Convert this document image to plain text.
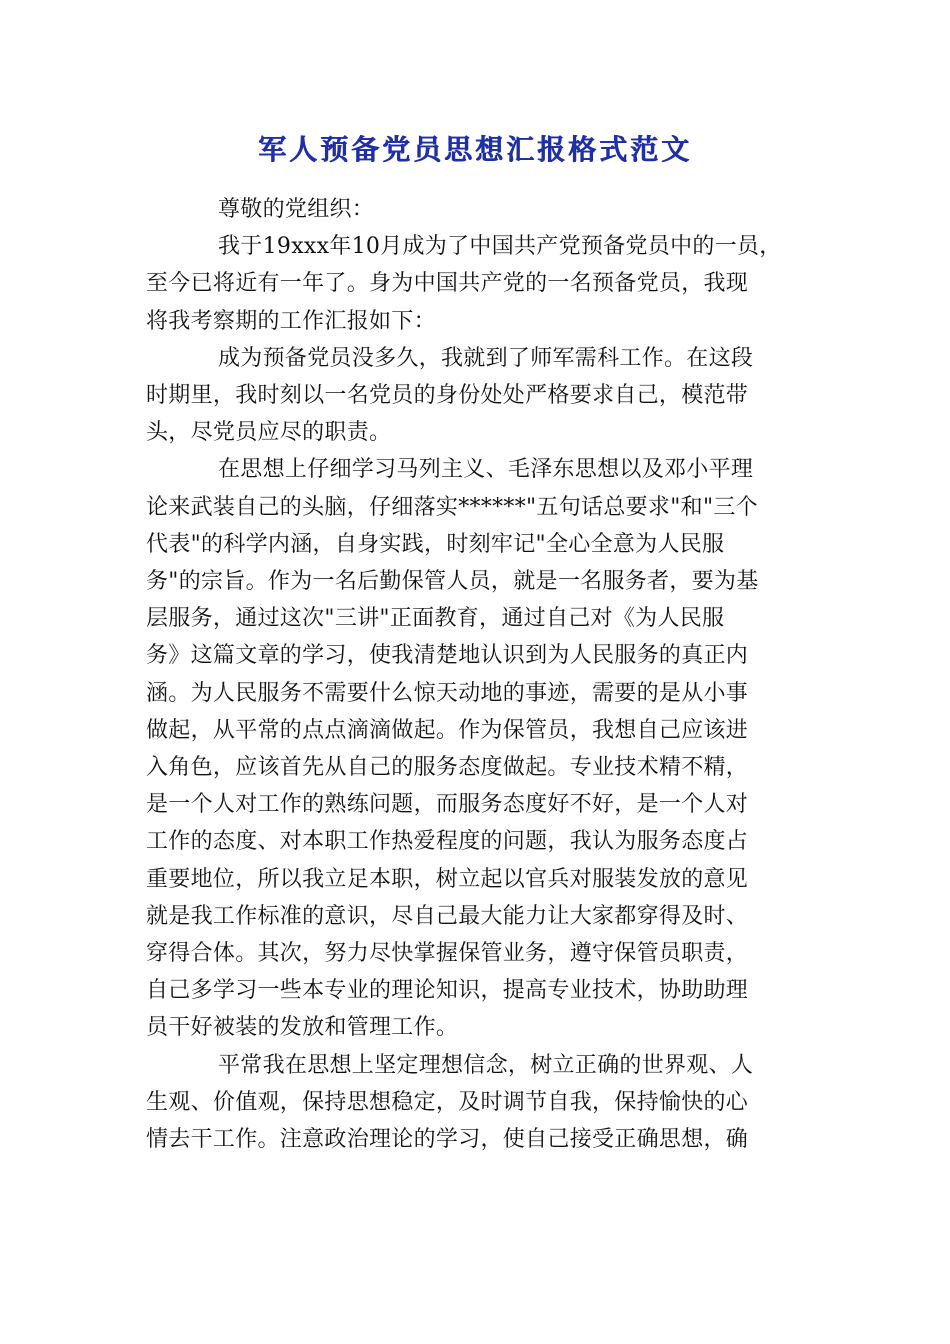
军人预备党员思想汇报格式范文
尊敬的党组织：
我于19xxx年10月成为了中国共产党预备党员中的一员，
至今已将近有一年了。身为中国共产党的一名预备党员，我现
将我考察期的工作汇报如下：
成为预备党员没多久，我就到了师军需科工作。在这段
时期里，我时刻以一名党员的身份处处严格要求自己，模范带
头，尽党员应尽的职责。
在思想上仔细学习马列主义、毛泽东思想以及邓小平理
论来武装自己的头脑，仔细落实******"五句话总要求"和"三个
代表"的科学内涵，自身实践，时刻牢记"全心全意为人民服
务"的宗旨。作为一名后勤保管人员，就是一名服务者，要为基
层服务，通过这次"三讲"正面教育，通过自己对《为人民服
务》这篇文章的学习，使我清楚地认识到为人民服务的真正内
涵。为人民服务不需要什么惊天动地的事迹，需要的是从小事
做起，从平常的点点滴滴做起。作为保管员，我想自己应该进
入角色，应该首先从自己的服务态度做起。专业技术精不精，
是一个人对工作的熟练问题，而服务态度好不好，是一个人对
工作的态度、对本职工作热爱程度的问题，我认为服务态度占
重要地位，所以我立足本职，树立起以官兵对服装发放的意见
就是我工作标准的意识，尽自己最大能力让大家都穿得及时、
穿得合体。其次，努力尽快掌握保管业务，遵守保管员职责，
自己多学习一些本专业的理论知识，提高专业技术，协助助理
员干好被装的发放和管理工作。
平常我在思想上坚定理想信念，树立正确的世界观、人
生观、价值观，保持思想稳定，及时调节自我，保持愉快的心
情去干工作。注意政治理论的学习，使自己接受正确思想，确
